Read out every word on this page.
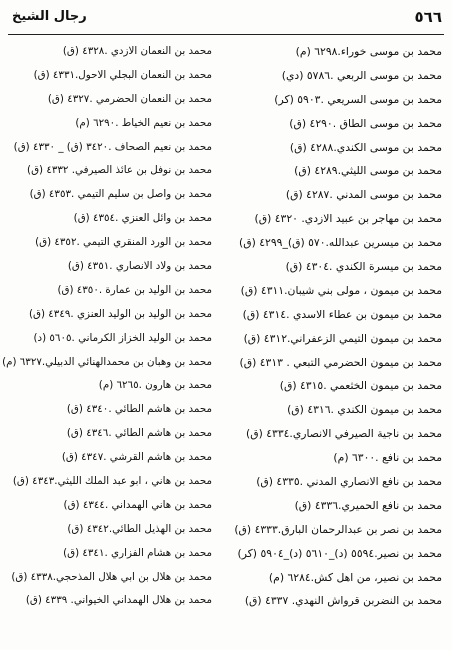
٥٦٦
رجال الشيخ
محمد بن موسى خوراء.٦٢٩٨ (م)
محمد بن موسى الربعي .٥٧٨٦ (دي)
محمد بن موسى السريعي .٥٩٠٣ (كر)
محمد بن موسى الطاق .٤٢٩٠ (ق)
محمد بن موسى الكندي.٤٢٨٨ (ق)
محمد بن موسى الليثي.٤٢٨٩ (ق)
محمد بن موسى المدني .٤٢٨٧ (ق)
محمد بن مهاجر بن عبيد الازدي. ٤٣٢٠ (ق)
محمد بن ميسرين عبدالله.٥٧٠ (ق)_٤٢٩٩ (ق)
محمد بن ميسرة الكندي .٤٣٠٤ (ق)
محمد بن ميمون ، مولى بني شيبان.٤٣١١ (ق)
محمد بن ميمون بن عطاء الاسدي .٤٣١٤ (ق)
محمد بن ميمون التيمي الزعفراني.٤٣١٢ (ق)
محمد بن ميمون الحضرمي التبعي . ٤٣١٣ (ق)
محمد بن ميمون الخثعمي .٤٣١٥ (ق)
محمد بن ميمون الكندي .٤٣١٦ (ق)
محمد بن ناجية الصيرفي الانصاري.٤٣٣٤ (ق)
محمد بن نافع .٦٣٠٠ (م)
محمد بن نافع الانصاري المدني .٤٣٣٥ (ق)
محمد بن نافع الحميري.٤٣٣٦ (ق)
محمد بن نصر بن عبدالرحمان البارق.٤٣٣٣ (ق)
محمد بن نصير.٥٥٩٤ (د)_٥٦١٠ (د)_٥٩٠٤ (كر)
محمد بن نصير، من اهل كش.٦٢٨٤ (م)
محمد بن النضربن قرواش النهدي. ٤٣٣٧ (ق)
محمد بن النعمان الازدي .٤٣٢٨ (ق)
محمد بن النعمان البجلي الاحول.٤٣٣١ (ق)
محمد بن النعمان الحضرمي .٤٣٢٧ (ق)
محمد بن نعيم الخياط .٦٢٩٠ (م)
محمد بن نعيم الصحاف .٣٤٢٠ (ق) _ ٤٣٣٠ (ق)
محمد بن نوفل بن عائذ الصيرفي. ٤٣٣٢ (ق)
محمد بن واصل بن سليم التيمي .٤٣٥٣ (ق)
محمد بن وائل العنزي .٤٣٥٤ (ق)
محمد بن الورد المنقري التيمي .٤٣٥٢ (ق)
محمد بن ولاد الانصاري .٤٣٥١ (ق)
محمد بن الوليد بن عمارة .٤٣٥٠ (ق)
محمد بن الوليد بن الوليد العنزي .٤٣٤٩ (ق)
محمد بن الوليد الخزاز الكرماني .٥٦٠٥ (د)
محمد بن وهبان بن محمدالهنائي الدبيلي.٦٣٢٧ (م)
محمد بن هارون .٦٢٦٥ (م)
محمد بن هاشم الطائي .٤٣٤٠ (ق)
محمد بن هاشم الطائي .٤٣٤٦ (ق)
محمد بن هاشم القرشي .٤٣٤٧ (ق)
محمد بن هاني ، ابو عبد الملك الليثي.٤٣٤٣ (ق)
محمد بن هاني الهمداني .٤٣٤٤ (ق)
محمد بن الهذيل الطائي.٤٣٤٢ (ق)
محمد بن هشام الفزاري .٤٣٤١ (ق)
محمد بن هلال بن ابي هلال المذحجي.٤٣٣٨ (ق)
محمد بن هلال الهمداني الخيواني. ٤٣٣٩ (ق)
